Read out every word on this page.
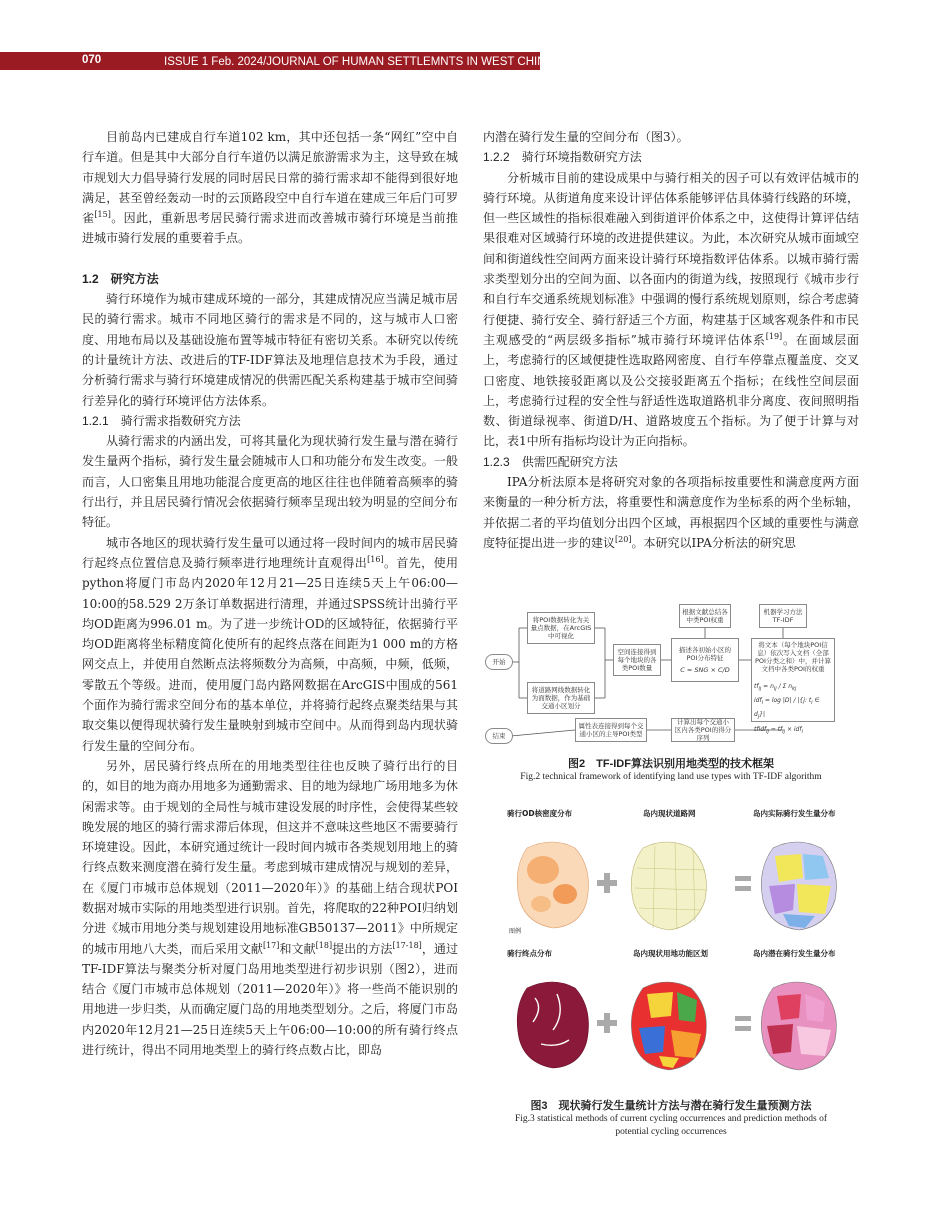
ISSUE 1 Feb. 2024/JOURNAL OF HUMAN SETTLEMNTS IN WEST CHINA /
070

目前岛内已建成自行车道102 km，其中还包括一条“网红”空中自行车道。但是其中大部分自行车道仍以满足旅游需求为主，这导致在城市规划大力倡导骑行发展的同时居民日常的骑行需求却不能得到很好地满足，甚至曾经轰动一时的云顶路段空中自行车道在建成三年后门可罗雀[15]。因此，重新思考居民骑行需求进而改善城市骑行环境是当前推进城市骑行发展的重要着手点。

1.2　研究方法

骑行环境作为城市建成环境的一部分，其建成情况应当满足城市居民的骑行需求。城市不同地区骑行的需求是不同的，这与城市人口密度、用地布局以及基础设施布置等城市特征有密切关系。本研究以传统的计量统计方法、改进后的TF-IDF算法及地理信息技术为手段，通过分析骑行需求与骑行环境建成情况的供需匹配关系构建基于城市空间骑行差异化的骑行环境评估方法体系。

1.2.1　骑行需求指数研究方法

从骑行需求的内涵出发，可将其量化为现状骑行发生量与潜在骑行发生量两个指标，骑行发生量会随城市人口和功能分布发生改变。一般而言，人口密集且用地功能混合度更高的地区往往也伴随着高频率的骑行出行，并且居民骑行情况会依据骑行频率呈现出较为明显的空间分布特征。

城市各地区的现状骑行发生量可以通过将一段时间内的城市居民骑行起终点位置信息及骑行频率进行地理统计直观得出[16]。首先，使用python将厦门市岛内2020年12月21—25日连续5天上午06:00—10:00的58.529 2万条订单数据进行清理，并通过SPSS统计出骑行平均OD距离为996.01 m。为了进一步统计OD的区域特征，依据骑行平均OD距离将坐标精度简化使所有的起终点落在间距为1 000 m的方格网交点上，并使用自然断点法将频数分为高频，中高频，中频，低频，零散五个等级。进而，使用厦门岛内路网数据在ArcGIS中围成的561个面作为骑行需求空间分布的基本单位，并将骑行起终点聚类结果与其取交集以便得现状骑行发生量映射到城市空间中。从而得到岛内现状骑行发生量的空间分布。

另外，居民骑行终点所在的用地类型往往也反映了骑行出行的目的，如目的地为商办用地多为通勤需求、目的地为绿地广场用地多为休闲需求等。由于规划的全局性与城市建设发展的时序性，会使得某些较晚发展的地区的骑行需求滞后体现，但这并不意味这些地区不需要骑行环境建设。因此，本研究通过统计一段时间内城市各类规划用地上的骑行终点数来测度潜在骑行发生量。考虑到城市建成情况与规划的差异，在《厦门市城市总体规划（2011—2020年）》的基础上结合现状POI数据对城市实际的用地类型进行识别。首先，将爬取的22种POI归纳划分进《城市用地分类与规划建设用地标准GB50137—2011》中所规定的城市用地八大类，而后采用文献[17]和文献[18]提出的方法[17-18]，通过TF-IDF算法与聚类分析对厦门岛用地类型进行初步识别（图2），进而结合《厦门市城市总体规划（2011—2020年）》将一些尚不能识别的用地进一步归类，从而确定厦门岛的用地类型划分。之后，将厦门市岛内2020年12月21—25日连续5天上午06:00—10:00的所有骑行终点进行统计，得出不同用地类型上的骑行终点数占比，即岛

内潜在骑行发生量的空间分布（图3）。

1.2.2　骑行环境指数研究方法

分析城市目前的建设成果中与骑行相关的因子可以有效评估城市的骑行环境。从街道角度来设计评估体系能够评估具体骑行线路的环境，但一些区域性的指标很难融入到街道评价体系之中，这使得计算评估结果很难对区域骑行环境的改进提供建议。为此，本次研究从城市面域空间和街道线性空间两方面来设计骑行环境指数评估体系。以城市骑行需求类型划分出的空间为面、以各面内的街道为线，按照现行《城市步行和自行车交通系统规划标准》中强调的慢行系统规划原则，综合考虑骑行便捷、骑行安全、骑行舒适三个方面，构建基于区域客观条件和市民主观感受的“两层级多指标”城市骑行环境评估体系[19]。在面域层面上，考虑骑行的区域便捷性选取路网密度、自行车停靠点覆盖度、交叉口密度、地铁接驳距离以及公交接驳距离五个指标；在线性空间层面上，考虑骑行过程的安全性与舒适性选取道路机非分离度、夜间照明指数、街道绿视率、街道D/H、道路坡度五个指标。为了便于计算与对比，表1中所有指标均设计为正向指标。

1.2.3　供需匹配研究方法

IPA分析法原本是将研究对象的各项指标按重要性和满意度两方面来衡量的一种分析方法，将重要性和满意度作为坐标系的两个坐标轴，并依据二者的平均值划分出四个区域，再根据四个区域的重要性与满意度特征提出进一步的建议[20]。本研究以IPA分析法的研究思

开始
将POI数据转化为关量点数据，在ArcGIS中可视化
将道路网线数据转化为面数据，作为基础交通小区划分
空间连接得到每个地块的各类POI数量
描述各初始小区的POI分布特征
C = SNG × C/D
根据文献总结各中类POI权重
机器学习方法TF-IDF
将文本（每个地块POI信息）依次写入文档（全部POI分类之和）中，并计算文档中各类POI的权重
$tf_{ij} = n_{ij} / \Sigma$ $n_{kj}$
idf$_i$ = log |D| / |{j: $t_i$ ∈ $d_j\}|$
tfidf$_{ij}$ = $tf_{ij} \times idf_i$
计算出每个交通小区内各类POI的得分序列
属性表连接得到每个交通小区的主导POI类型
结束
图2　TF-IDF算法识别用地类型的技术框架
Fig.2 technical framework of identifying land use types with TF-IDF algorithm
骑行OD核密度分布	岛内现状道路网	岛内实际骑行发生量分布
骑行终点分布	岛内现状用地功能区划	岛内潜在骑行发生量分布
图例
图3　现状骑行发生量统计方法与潜在骑行发生量预测方法
Fig.3 statistical methods of current cycling occurrences and prediction methods of
potential cycling occurrences
